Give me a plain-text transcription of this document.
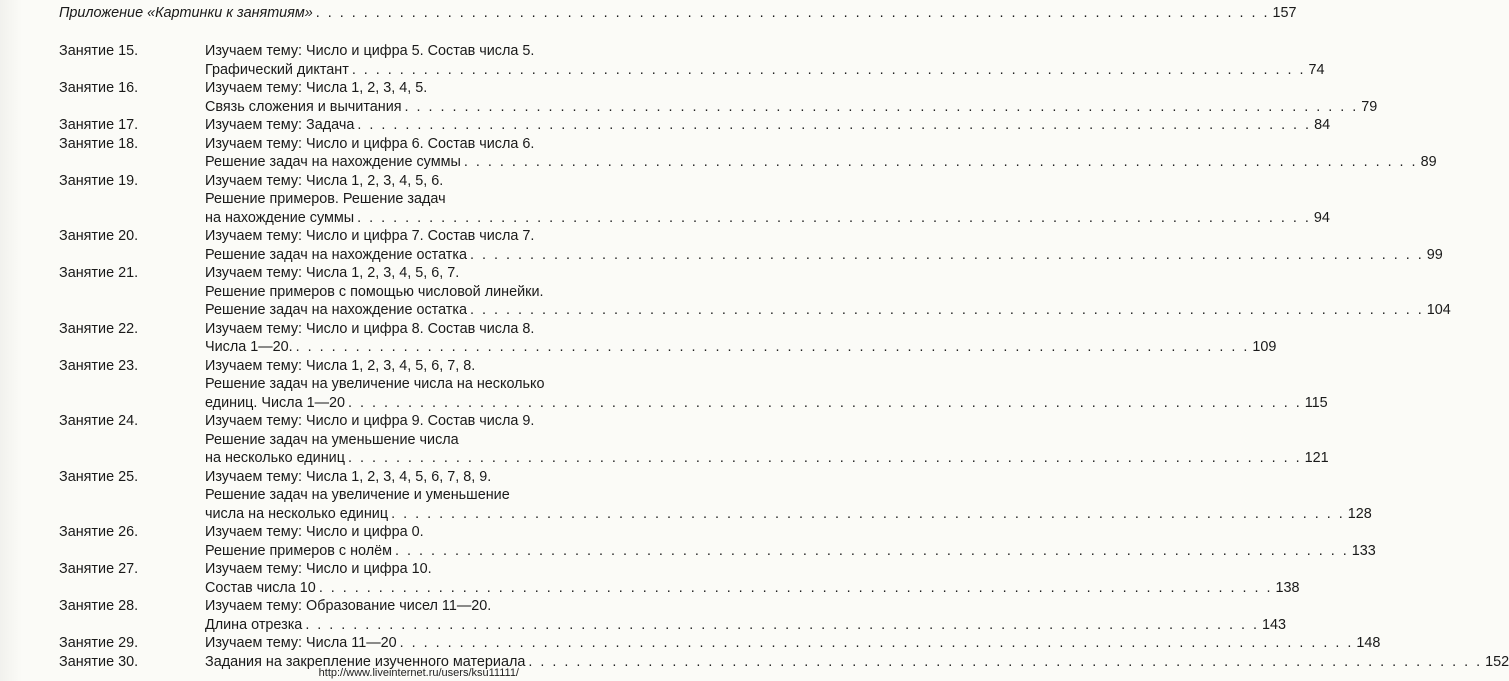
Занятие 15.	Изучаем тему: Число и цифра 5. Состав числа 5.
Графический диктант . . . . . . . . . . . . . . . . . . . . . . . . . . . . . . . . . . . . . . . . . . . . . . . . . . . . . . . . . . . . . . . . . . . . . . . . . . . . . . . . 74
Занятие 16.	Изучаем тему: Числа 1, 2, 3, 4, 5.
Связь сложения и вычитания . . . . . . . . . . . . . . . . . . . . . . . . . . . . . . . . . . . . . . . . . . . . . . . . . . . . . . . . . . . . . . . . . . . . . . . . . . . . . . . . 79
Занятие 17.	Изучаем тему: Задача . . . . . . . . . . . . . . . . . . . . . . . . . . . . . . . . . . . . . . . . . . . . . . . . . . . . . . . . . . . . . . . . . . . . . . . . . . . . . . . . 84
Занятие 18.	Изучаем тему: Число и цифра 6. Состав числа 6.
Решение задач на нахождение суммы . . . . . . . . . . . . . . . . . . . . . . . . . . . . . . . . . . . . . . . . . . . . . . . . . . . . . . . . . . . . . . . . . . . . . . . . . . . . . . . . 89
Занятие 19.	Изучаем тему: Числа 1, 2, 3, 4, 5, 6.
Решение примеров. Решение задач
на нахождение суммы . . . . . . . . . . . . . . . . . . . . . . . . . . . . . . . . . . . . . . . . . . . . . . . . . . . . . . . . . . . . . . . . . . . . . . . . . . . . . . . . 94
Занятие 20.	Изучаем тему: Число и цифра 7. Состав числа 7.
Решение задач на нахождение остатка . . . . . . . . . . . . . . . . . . . . . . . . . . . . . . . . . . . . . . . . . . . . . . . . . . . . . . . . . . . . . . . . . . . . . . . . . . . . . . . . 99
Занятие 21.	Изучаем тему: Числа 1, 2, 3, 4, 5, 6, 7.
Решение примеров с помощью числовой линейки.
Решение задач на нахождение остатка . . . . . . . . . . . . . . . . . . . . . . . . . . . . . . . . . . . . . . . . . . . . . . . . . . . . . . . . . . . . . . . . . . . . . . . . . . . . . . . . 104
Занятие 22.	Изучаем тему: Число и цифра 8. Состав числа 8.
Числа 1—20. . . . . . . . . . . . . . . . . . . . . . . . . . . . . . . . . . . . . . . . . . . . . . . . . . . . . . . . . . . . . . . . . . . . . . . . . . . . . . . . . 109
Занятие 23.	Изучаем тему: Числа 1, 2, 3, 4, 5, 6, 7, 8.
Решение задач на увеличение числа на несколько
единиц. Числа 1—20 . . . . . . . . . . . . . . . . . . . . . . . . . . . . . . . . . . . . . . . . . . . . . . . . . . . . . . . . . . . . . . . . . . . . . . . . . . . . . . . . 115
Занятие 24.	Изучаем тему: Число и цифра 9. Состав числа 9.
Решение задач на уменьшение числа
на несколько единиц . . . . . . . . . . . . . . . . . . . . . . . . . . . . . . . . . . . . . . . . . . . . . . . . . . . . . . . . . . . . . . . . . . . . . . . . . . . . . . . . 121
Занятие 25.	Изучаем тему: Числа 1, 2, 3, 4, 5, 6, 7, 8, 9.
Решение задач на увеличение и уменьшение
числа на несколько единиц . . . . . . . . . . . . . . . . . . . . . . . . . . . . . . . . . . . . . . . . . . . . . . . . . . . . . . . . . . . . . . . . . . . . . . . . . . . . . . . . 128
Занятие 26.	Изучаем тему: Число и цифра 0.
Решение примеров с нолём . . . . . . . . . . . . . . . . . . . . . . . . . . . . . . . . . . . . . . . . . . . . . . . . . . . . . . . . . . . . . . . . . . . . . . . . . . . . . . . . 133
Занятие 27.	Изучаем тему: Число и цифра 10.
Состав числа 10 . . . . . . . . . . . . . . . . . . . . . . . . . . . . . . . . . . . . . . . . . . . . . . . . . . . . . . . . . . . . . . . . . . . . . . . . . . . . . . . . 138
Занятие 28.	Изучаем тему: Образование чисел 11—20.
Длина отрезка . . . . . . . . . . . . . . . . . . . . . . . . . . . . . . . . . . . . . . . . . . . . . . . . . . . . . . . . . . . . . . . . . . . . . . . . . . . . . . . . 143
Занятие 29.	Изучаем тему: Числа 11—20 . . . . . . . . . . . . . . . . . . . . . . . . . . . . . . . . . . . . . . . . . . . . . . . . . . . . . . . . . . . . . . . . . . . . . . . . . . . . . . . . 148
Занятие 30.	Задания на закрепление изученного материала . . . . . . . . . . . . . . . . . . . . . . . . . . . . . . . . . . . . . . . . . . . . . . . . . . . . . . . . . . . . . . . . . . . . . . . . . . . . . . . . 152
Приложение «Картинки к занятиям» . . . . . . . . . . . . . . . . . . . . . . . . . . . . . . . . . . . . . . . . . . . . . . . . . . . . . . . . . . . . . . . . . . . . . . . . . . . . . . . . 157
http://www.liveinternet.ru/users/ksu11111/
